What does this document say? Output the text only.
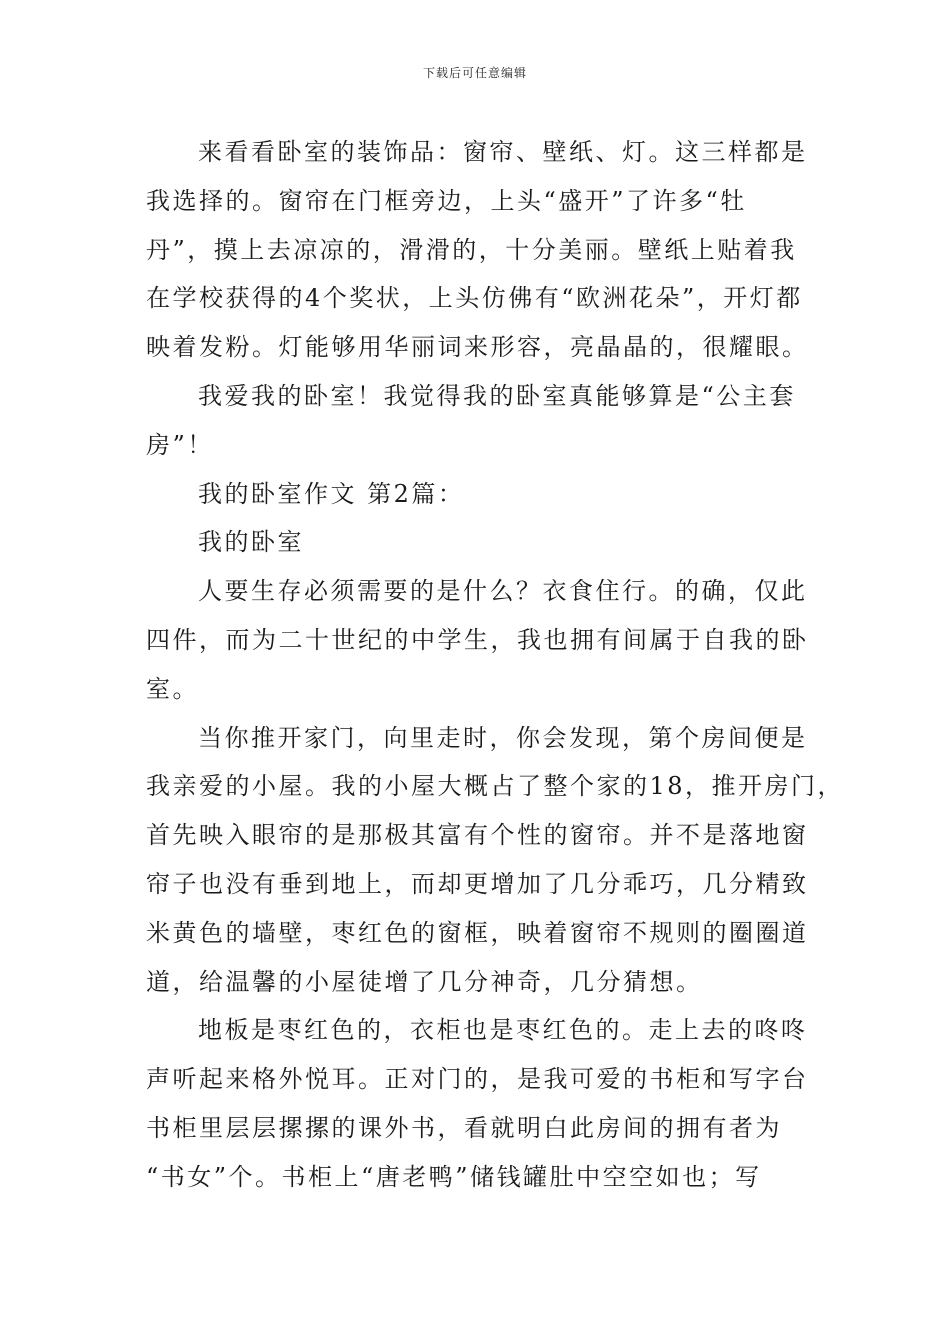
下载后可任意编辑
来看看卧室的装饰品：窗帘、壁纸、灯。这三样都是
我选择的。窗帘在门框旁边，上头“盛开”了许多“牡
丹”，摸上去凉凉的，滑滑的，十分美丽。壁纸上贴着我
在学校获得的4个奖状，上头仿佛有“欧洲花朵”，开灯都
映着发粉。灯能够用华丽词来形容，亮晶晶的，很耀眼。
我爱我的卧室！我觉得我的卧室真能够算是“公主套
房”！
我的卧室作文 第2篇：
我的卧室
人要生存必须需要的是什么？衣食住行。的确，仅此
四件，而为二十世纪的中学生，我也拥有间属于自我的卧
室。
当你推开家门，向里走时，你会发现，第个房间便是
我亲爱的小屋。我的小屋大概占了整个家的18，推开房门，
首先映入眼帘的是那极其富有个性的窗帘。并不是落地窗
帘子也没有垂到地上，而却更增加了几分乖巧，几分精致
米黄色的墙壁，枣红色的窗框，映着窗帘不规则的圈圈道
道，给温馨的小屋徒增了几分神奇，几分猜想。
地板是枣红色的，衣柜也是枣红色的。走上去的咚咚
声听起来格外悦耳。正对门的，是我可爱的书柜和写字台
书柜里层层摞摞的课外书，看就明白此房间的拥有者为
“书女”个。书柜上“唐老鸭”储钱罐肚中空空如也；写
